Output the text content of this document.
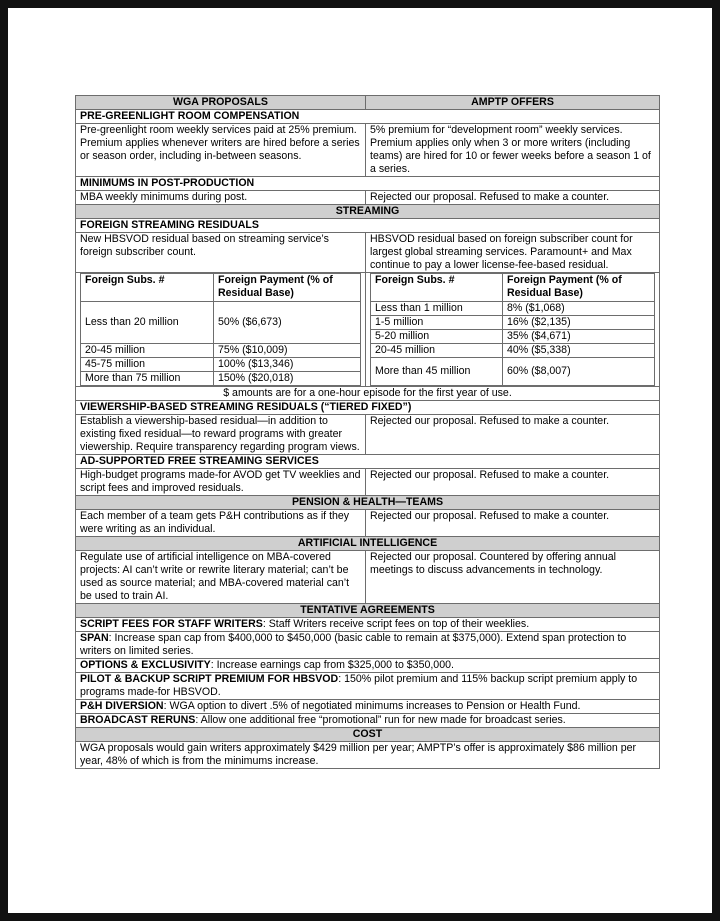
WGA PROPOSALS	AMPTP OFFERS
PRE-GREENLIGHT ROOM COMPENSATION
Pre-greenlight room weekly services paid at 25% premium. Premium applies whenever writers are hired before a series or season order, including in-between seasons.	5% premium for “development room” weekly services. Premium applies only when 3 or more writers (including teams) are hired for 10 or fewer weeks before a season 1 of a series.
MINIMUMS IN POST-PRODUCTION
MBA weekly minimums during post.	Rejected our proposal. Refused to make a counter.
STREAMING
FOREIGN STREAMING RESIDUALS
New HBSVOD residual based on streaming service’s foreign subscriber count.	HBSVOD residual based on foreign subscriber count for largest global streaming services. Paramount+ and Max continue to pay a lower license-fee-based residual.

Foreign Subs. #	Foreign Payment (% of Residual Base)
Less than 20 million	50% ($6,673)
20-45 million	75% ($10,009)
45-75 million	100% ($13,346)
More than 75 million	150% ($20,018)

Foreign Subs. #	Foreign Payment (% of Residual Base)
Less than 1 million	8% ($1,068)
1-5 million	16% ($2,135)
5-20 million	35% ($4,671)
20-45 million	40% ($5,338)
More than 45 million	60% ($8,007)

$ amounts are for a one-hour episode for the first year of use.
VIEWERSHIP-BASED STREAMING RESIDUALS (“TIERED FIXED”)
Establish a viewership-based residual—in addition to existing fixed residual—to reward programs with greater viewership. Require transparency regarding program views.	Rejected our proposal. Refused to make a counter.
AD-SUPPORTED FREE STREAMING SERVICES
High-budget programs made-for AVOD get TV weeklies and script fees and improved residuals.	Rejected our proposal. Refused to make a counter.
PENSION & HEALTH—TEAMS
Each member of a team gets P&H contributions as if they were writing as an individual.	Rejected our proposal. Refused to make a counter.
ARTIFICIAL INTELLIGENCE
Regulate use of artificial intelligence on MBA-covered projects: AI can’t write or rewrite literary material; can’t be used as source material; and MBA-covered material can’t be used to train AI.	Rejected our proposal. Countered by offering annual meetings to discuss advancements in technology.
TENTATIVE AGREEMENTS
SCRIPT FEES FOR STAFF WRITERS: Staff Writers receive script fees on top of their weeklies.
SPAN: Increase span cap from $400,000 to $450,000 (basic cable to remain at $375,000). Extend span protection to writers on limited series.
OPTIONS & EXCLUSIVITY: Increase earnings cap from $325,000 to $350,000.
PILOT & BACKUP SCRIPT PREMIUM FOR HBSVOD: 150% pilot premium and 115% backup script premium apply to programs made-for HBSVOD.
P&H DIVERSION: WGA option to divert .5% of negotiated minimums increases to Pension or Health Fund.
BROADCAST RERUNS: Allow one additional free “promotional” run for new made for broadcast series.
COST
WGA proposals would gain writers approximately $429 million per year; AMPTP’s offer is approximately $86 million per year, 48% of which is from the minimums increase.
